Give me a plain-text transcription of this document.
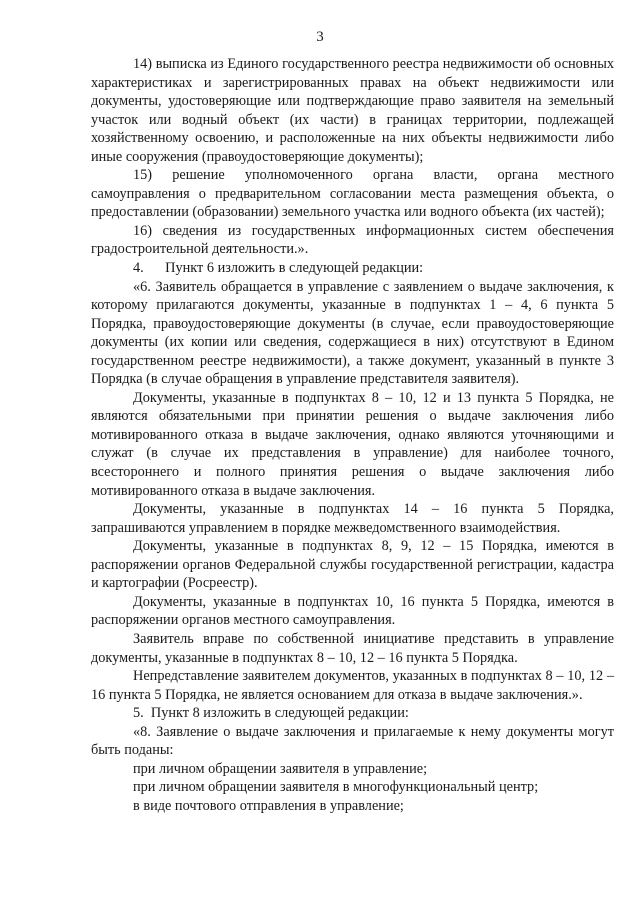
3

14) выписка из Единого государственного реестра недвижимости об основных характеристиках и зарегистрированных правах на объект недвижимости или документы, удостоверяющие или подтверждающие право заявителя на земельный участок или водный объект (их части) в границах территории, подлежащей хозяйственному освоению, и расположенные на них объекты недвижимости либо иные сооружения (правоудостоверяющие документы);

15) решение уполномоченного органа власти, органа местного самоуправления о предварительном согласовании места размещения объекта, о предоставлении (образовании) земельного участка или водного объекта (их частей);

16) сведения из государственных информационных систем обеспечения градостроительной деятельности.».

4.      Пункт 6 изложить в следующей редакции:

«6. Заявитель обращается в управление с заявлением о выдаче заключения, к которому прилагаются документы, указанные в подпунктах 1 – 4, 6 пункта 5 Порядка, правоудостоверяющие документы (в случае, если правоудостоверяющие документы (их копии или сведения, содержащиеся в них) отсутствуют в Едином государственном реестре недвижимости), а также документ, указанный в пункте 3 Порядка (в случае обращения в управление представителя заявителя).

Документы, указанные в подпунктах 8 – 10, 12 и 13 пункта 5 Порядка, не являются обязательными при принятии решения о выдаче заключения либо мотивированного отказа в выдаче заключения, однако являются уточняющими и служат (в случае их представления в управление) для наиболее точного, всестороннего и полного принятия решения о выдаче заключения либо мотивированного отказа в выдаче заключения.

Документы, указанные в подпунктах 14 – 16 пункта 5 Порядка, запрашиваются управлением в порядке межведомственного взаимодействия.

Документы, указанные в подпунктах 8, 9, 12 – 15 Порядка, имеются в распоряжении органов Федеральной службы государственной регистрации, кадастра и картографии (Росреестр).

Документы, указанные в подпунктах 10, 16 пункта 5 Порядка, имеются в распоряжении органов местного самоуправления.

Заявитель вправе по собственной инициативе представить в управление документы, указанные в подпунктах 8 – 10, 12 – 16 пункта 5 Порядка.

Непредставление заявителем документов, указанных в подпунктах 8 – 10, 12 – 16 пункта 5 Порядка, не является основанием для отказа в выдаче заключения.».

5.  Пункт 8 изложить в следующей редакции:

«8. Заявление о выдаче заключения и прилагаемые к нему документы могут быть поданы:

при личном обращении заявителя в управление;

при личном обращении заявителя в многофункциональный центр;

в виде почтового отправления в управление;
